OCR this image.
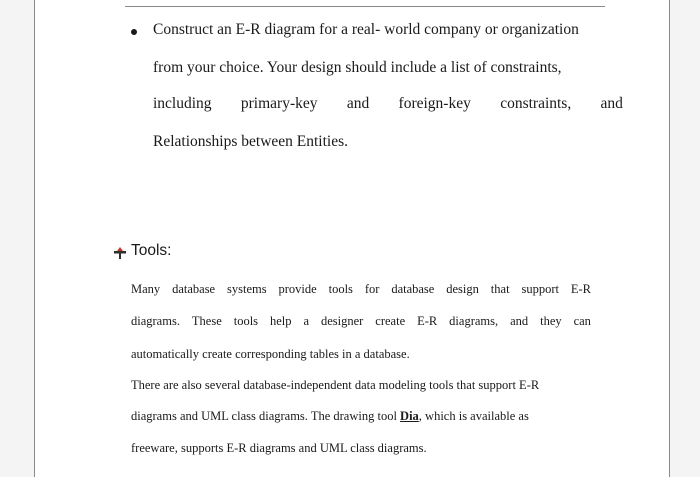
Construct an E-R diagram for a real- world company or organization
from your choice. Your design should include a list of constraints,
including primary-key and foreign-key constraints, and
Relationships between Entities.
Tools:
Many database systems provide tools for database design that support E-R
diagrams. These tools help a designer create E-R diagrams, and they can
automatically create corresponding tables in a database.
There are also several database-independent data modeling tools that support E-R
diagrams and UML class diagrams. The drawing tool Dia, which is available as
freeware, supports E-R diagrams and UML class diagrams.
